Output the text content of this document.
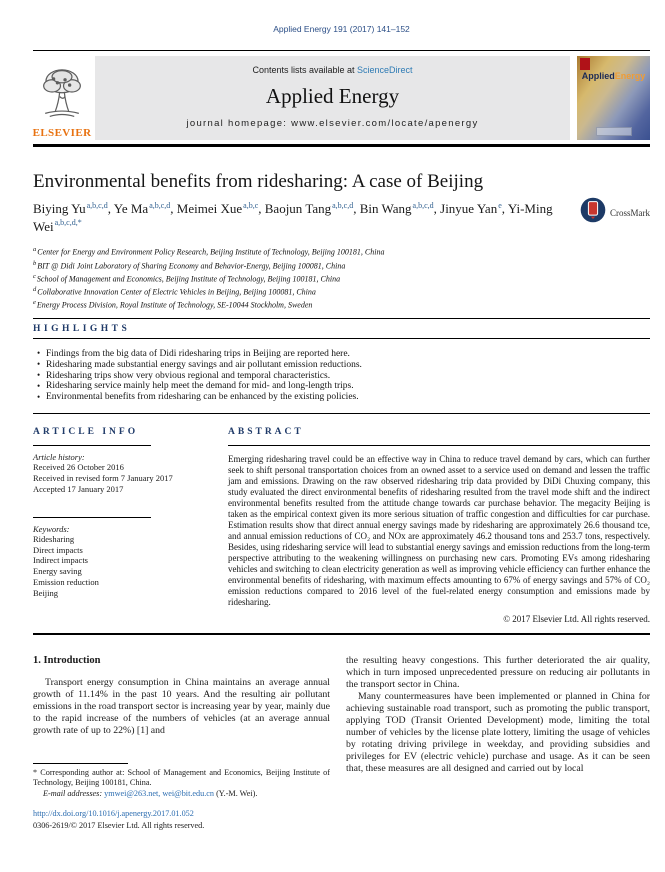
Applied Energy 191 (2017) 141–152
ELSEVIER
Contents lists available at ScienceDirect
Applied Energy
journal homepage: www.elsevier.com/locate/apenergy
AppliedEnergy
Environmental benefits from ridesharing: A case of Beijing
CrossMark
Biying Yu$^{a,b,c,d}$, Ye Ma$^{a,b,c,d}$, Meimei Xue$^{a,b,c}$, Baojun Tang$^{a,b,c,d}$, Bin Wang$^{a,b,c,d}$, Jinyue Yan$^e$, Yi-Ming Wei$^{a,b,c,d,*}$
$^a$Center for Energy and Environment Policy Research, Beijing Institute of Technology, Beijing 100181, China
$^b$BIT @ Didi Joint Laboratory of Sharing Economy and Behavior-Energy, Beijing 100081, China
$^c$School of Management and Economics, Beijing Institute of Technology, Beijing 100181, China
$^d$Collaborative Innovation Center of Electric Vehicles in Beijing, Beijing 100081, China
$^e$Energy Process Division, Royal Institute of Technology, SE-10044 Stockholm, Sweden
HIGHLIGHTS
• Findings from the big data of Didi ridesharing trips in Beijing are reported here.
• Ridesharing made substantial energy savings and air pollutant emission reductions.
• Ridesharing trips show very obvious regional and temporal characteristics.
• Ridesharing service mainly help meet the demand for mid- and long-length trips.
• Environmental benefits from ridesharing can be enhanced by the existing policies.
ARTICLE INFO
Article history:
Received 26 October 2016
Received in revised form 7 January 2017
Accepted 17 January 2017
Keywords:
Ridesharing
Direct impacts
Indirect impacts
Energy saving
Emission reduction
Beijing
ABSTRACT
Emerging ridesharing travel could be an effective way in China to reduce travel demand by cars, which can further seek to shift personal transportation choices from an owned asset to a service used on demand and lessen the traffic jam and emissions. Drawing on the raw observed ridesharing trip data provided by DiDi Chuxing company, this study evaluated the direct environmental benefits of ridesharing resulted from the travel mode shift and the indirect environmental benefits resulted from the attitude change towards car purchase behavior. The megacity Beijing is taken as the empirical context given its more serious situation of traffic congestion and difficulties for car purchase. Estimation results show that direct annual energy savings made by ridesharing are approximately 26.6 thousand tce, and annual emission reductions of CO₂ and NOx are approximately 46.2 thousand tons and 253.7 tons, respectively. Besides, using ridesharing service will lead to substantial energy savings and emission reductions from the long-term perspective attributing to the weakening willingness on purchasing new cars. Promoting EVs among ridesharing vehicles and switching to clean electricity generation as well as improving vehicle efficiency can further enhance the environmental benefits of ridesharing, with maximum effects amounting to 67% of energy savings and 57% of CO₂ emission reductions compared to 2016 level of the fuel-related energy consumption and emissions made by ridesharing.
© 2017 Elsevier Ltd. All rights reserved.
1. Introduction
Transport energy consumption in China maintains an average annual growth of 11.14% in the past 10 years. And the resulting air pollutant emissions in the road transport sector is increasing year by year, mainly due to the rapid increase of the numbers of vehicles (at an average annual growth rate of up to 22%) [1] and
* Corresponding author at: School of Management and Economics, Beijing Institute of Technology, Beijing 100181, China.
E-mail addresses: ymwei@263.net, wei@bit.edu.cn (Y.-M. Wei).
http://dx.doi.org/10.1016/j.apenergy.2017.01.052
0306-2619/© 2017 Elsevier Ltd. All rights reserved.
the resulting heavy congestions. This further deteriorated the air quality, which in turn imposed unprecedented pressure on reducing air pollutants in the transport sector in China.
Many countermeasures have been implemented or planned in China for achieving sustainable road transport, such as promoting the public transport, applying TOD (Transit Oriented Development) mode, limiting the total number of vehicles by the license plate lottery, limiting the usage of vehicles by rotating driving privilege in weekday, and providing subsidies and privileges for EV (electric vehicle) purchase and usage. As it can be seen that, these measures are all designed and carried out by local
